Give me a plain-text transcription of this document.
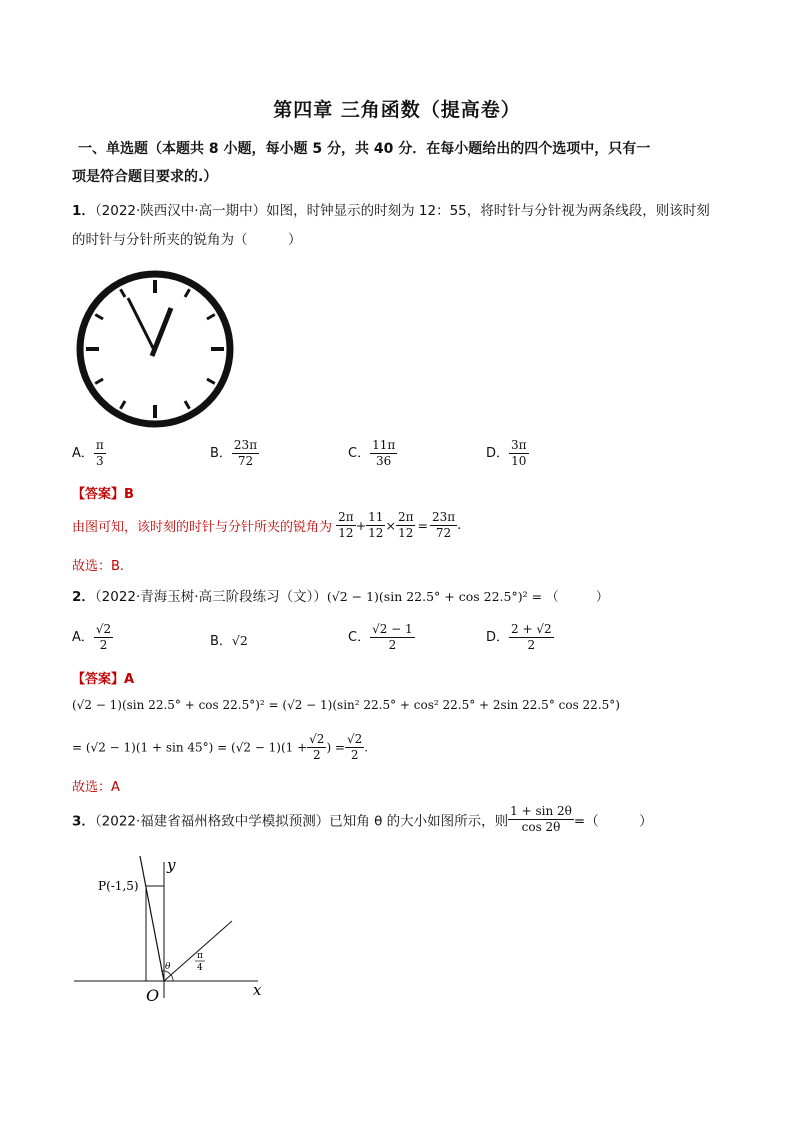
第四章 三角函数（提高卷）
一、单选题（本题共 8 小题，每小题 5 分，共 40 分．在每小题给出的四个选项中，只有一
项是符合题目要求的.）
1．（2022·陕西汉中·高一期中）如图，时钟显示的时刻为 12：55，将时针与分针视为两条线段，则该时刻
的时针与分针所夹的锐角为（　　　）
A． $\frac{\pi}{3}$	B． $\frac{23\pi}{72}$	C． $\frac{11\pi}{36}$	D． $\frac{3\pi}{10}$
【答案】B
由图可知，该时刻的时针与分针所夹的锐角为 $\frac{2\pi}{12} + \frac{11}{12} \times \frac{2\pi}{12} = \frac{23\pi}{72}$ .
故选：B.
2．（2022·青海玉树·高三阶段练习（文））(√2 − 1)(sin 22.5° + cos 22.5°)² = （　　　）
A． $\frac{√2}{2}$	B．√2	C． $\frac{√2 - 1}{2}$	D． $\frac{2 + √2}{2}$
【答案】A
(√2 − 1)(sin 22.5° + cos 22.5°)² = (√2 − 1)(sin² 22.5° + cos² 22.5° + 2sin 22.5° cos 22.5°)
= $(√2 - 1)(1 + \sin 45^\circ) = (√2 - 1)(1 + \frac{√2}{2}$ ) = $\frac{√2}{2}$ .
故选：A
3．（2022·福建省福州格致中学模拟预测）已知角 θ 的大小如图所示，则 $\frac{1 + \sin 2\theta}{\cos 2\theta}$ =（　　　）
y
x
O
P(-1,5)
θ
π
4
